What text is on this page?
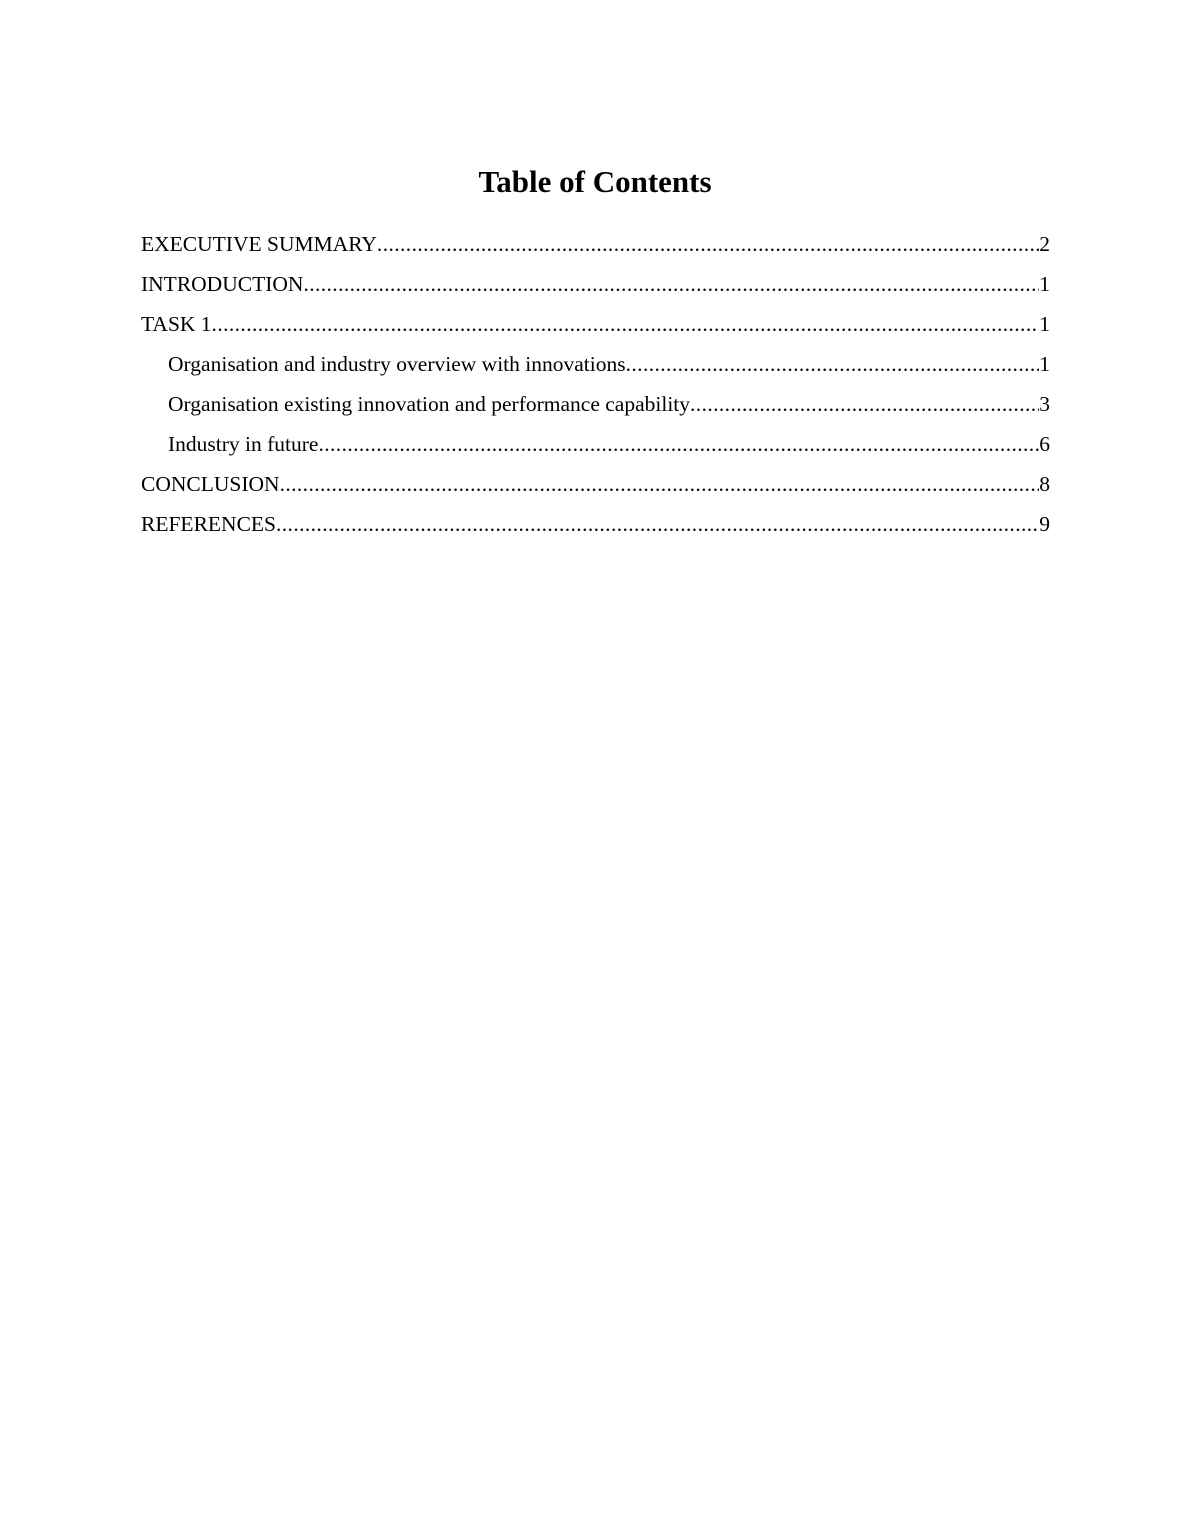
Table of Contents
EXECUTIVE SUMMARY .....	2
INTRODUCTION .....	1
TASK 1 .....	1
Organisation and industry overview with innovations .....	1
Organisation existing innovation and performance capability .....	3
Industry in future .....	6
CONCLUSION .....	8
REFERENCES .....	9
